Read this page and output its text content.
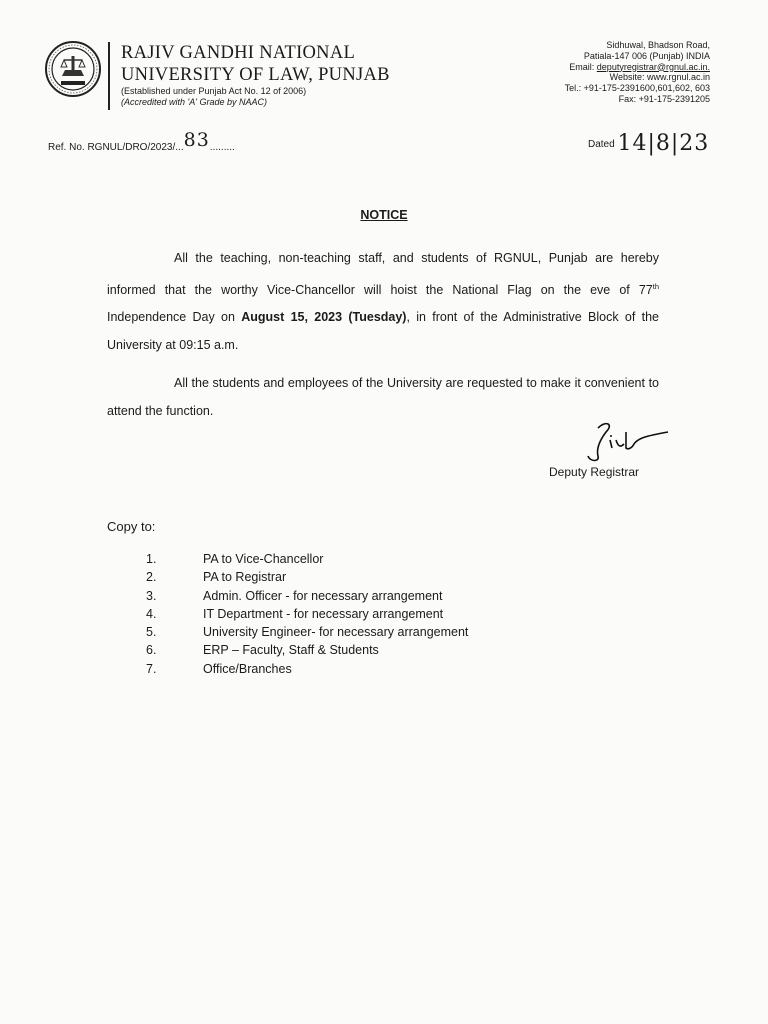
RAJIV GANDHI NATIONAL
UNIVERSITY OF LAW, PUNJAB
(Established under Punjab Act No. 12 of 2006)
(Accredited with 'A' Grade by NAAC)
Sidhuwal, Bhadson Road,
Patiala-147 006 (Punjab) INDIA
Email: deputyregistrar@rgnul.ac.in.
Website: www.rgnul.ac.in
Tel.: +91-175-2391600,601,602, 603
Fax: +91-175-2391205
Ref. No. RGNUL/DRO/2023/...83.........	Dated 14|8|23
NOTICE
All the teaching, non-teaching staff, and students of RGNUL, Punjab are hereby informed that the worthy Vice-Chancellor will hoist the National Flag on the eve of 77th Independence Day on August 15, 2023 (Tuesday), in front of the Administrative Block of the University at 09:15 a.m.
All the students and employees of the University are requested to make it convenient to attend the function.
Deputy Registrar
Copy to:
1.	PA to Vice-Chancellor
2.	PA to Registrar
3.	Admin. Officer - for necessary arrangement
4.	IT Department - for necessary arrangement
5.	University Engineer- for necessary arrangement
6.	ERP – Faculty, Staff & Students
7.	Office/Branches
